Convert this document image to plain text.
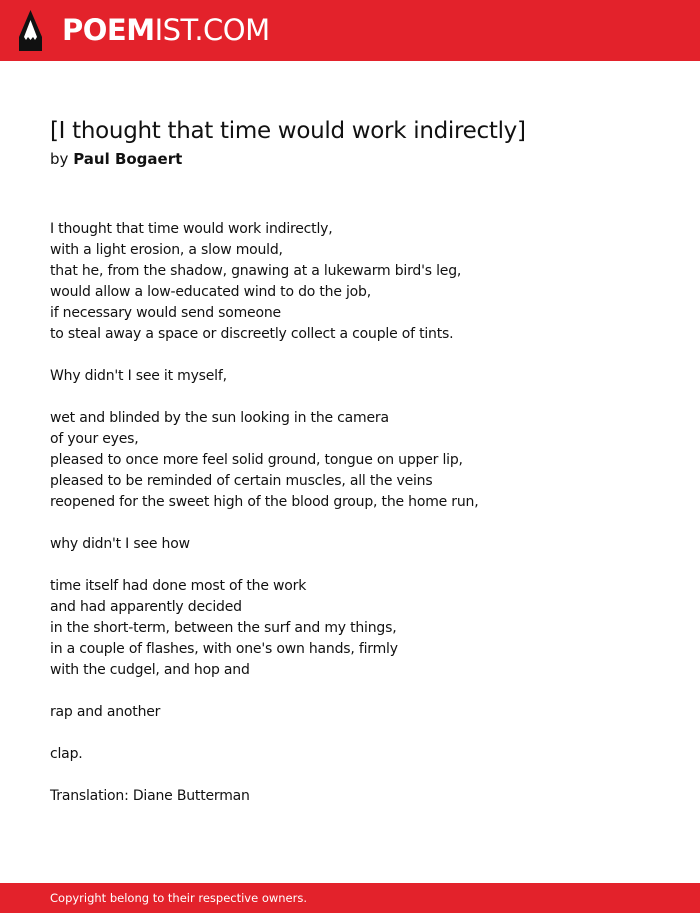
POEMIST.COM
[I thought that time would work indirectly]
by Paul Bogaert
I thought that time would work indirectly,
with a light erosion, a slow mould,
that he, from the shadow, gnawing at a lukewarm bird's leg,
would allow a low-educated wind to do the job,
if necessary would send someone
to steal away a space or discreetly collect a couple of tints.
Why didn't I see it myself,
wet and blinded by the sun looking in the camera
of your eyes,
pleased to once more feel solid ground, tongue on upper lip,
pleased to be reminded of certain muscles, all the veins
reopened for the sweet high of the blood group, the home run,
why didn't I see how
time itself had done most of the work
and had apparently decided
in the short-term, between the surf and my things,
in a couple of flashes, with one's own hands, firmly
with the cudgel, and hop and
rap and another
clap.
Translation: Diane Butterman
Copyright belong to their respective owners.
